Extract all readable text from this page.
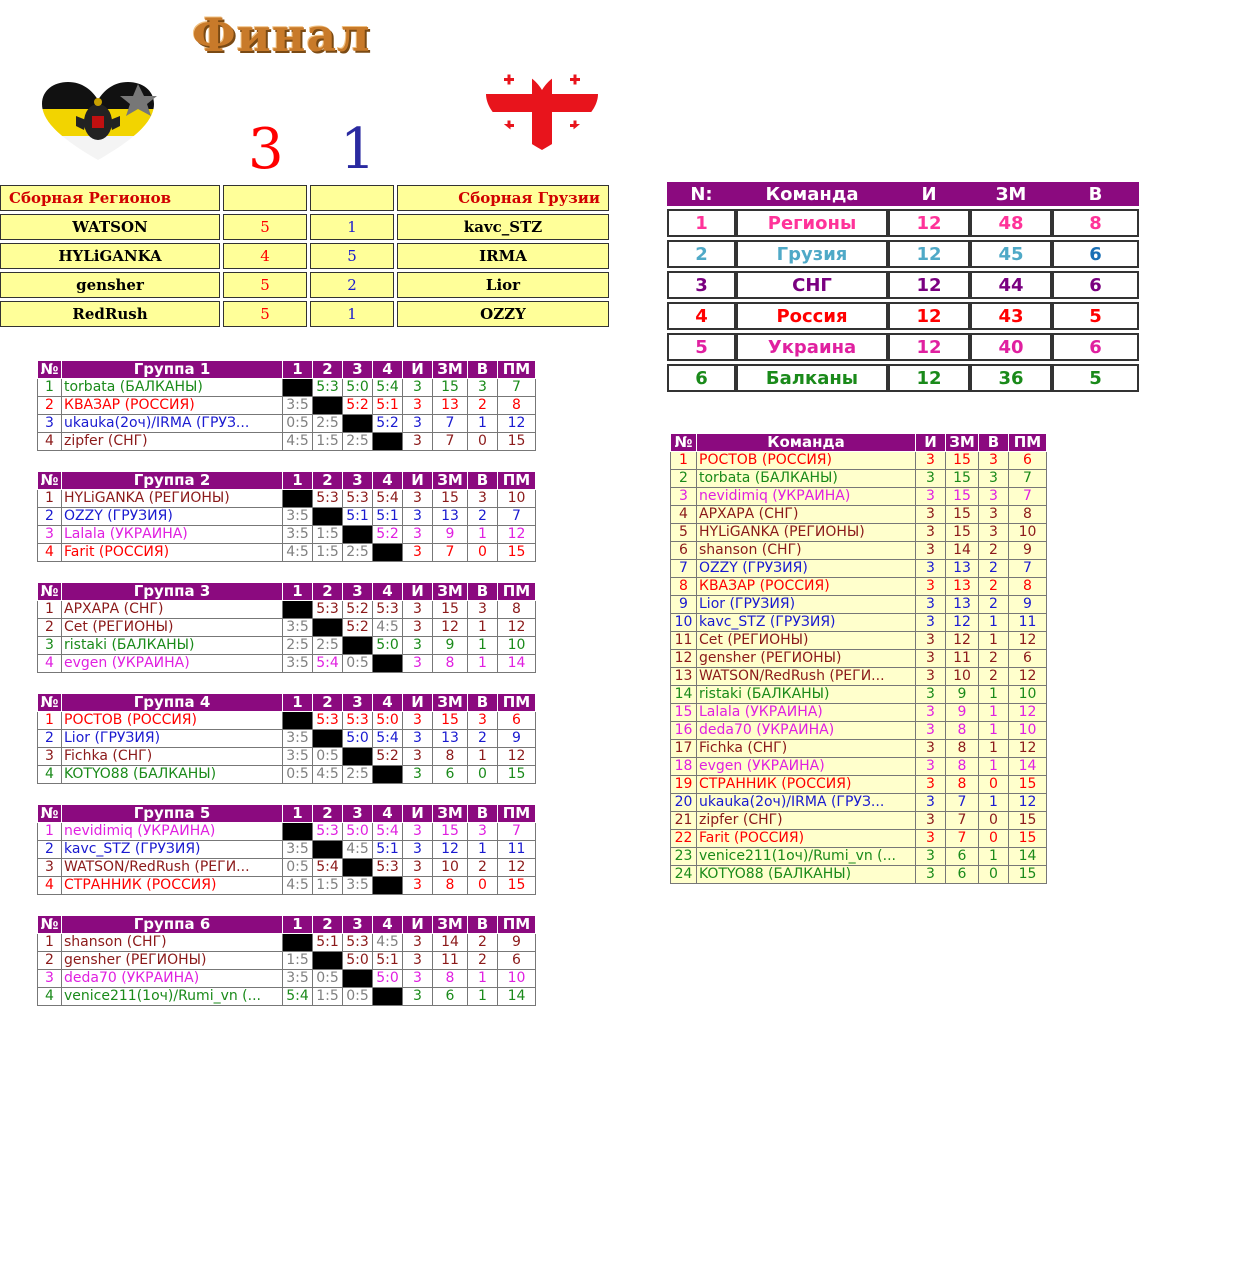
Финал
3 1
Сборная Регионов			Сборная Грузии
WATSON	5	1	kavc_STZ
HYLiGANKA	4	5	IRMA
gensher	5	2	Lior
RedRush	5	1	OZZY
N:	Команда	И	ЗМ	В
1	Регионы	12	48	8
2	Грузия	12	45	6
3	СНГ	12	44	6
4	Россия	12	43	5
5	Украина	12	40	6
6	Балканы	12	36	5
№	Группа 1	1	2	3	4	И	ЗМ	В	ПМ
1	torbata (БАЛКАНЫ)		5:3	5:0	5:4	3	15	3	7
2	КВАЗАР (РОССИЯ)	3:5		5:2	5:1	3	13	2	8
3	ukauka(2оч)/IRMA (ГРУЗ...	0:5	2:5		5:2	3	7	1	12
4	zipfer (СНГ)	4:5	1:5	2:5		3	7	0	15
№	Группа 2	1	2	3	4	И	ЗМ	В	ПМ
1	HYLiGANKA (РЕГИОНЫ)		5:3	5:3	5:4	3	15	3	10
2	OZZY (ГРУЗИЯ)	3:5		5:1	5:1	3	13	2	7
3	Lalala (УКРАИНА)	3:5	1:5		5:2	3	9	1	12
4	Farit (РОССИЯ)	4:5	1:5	2:5		3	7	0	15
№	Группа 3	1	2	3	4	И	ЗМ	В	ПМ
1	АРХАРА (СНГ)		5:3	5:2	5:3	3	15	3	8
2	Cet (РЕГИОНЫ)	3:5		5:2	4:5	3	12	1	12
3	ristaki (БАЛКАНЫ)	2:5	2:5		5:0	3	9	1	10
4	evgen (УКРАИНА)	3:5	5:4	0:5		3	8	1	14
№	Группа 4	1	2	3	4	И	ЗМ	В	ПМ
1	РОСТОВ (РОССИЯ)		5:3	5:3	5:0	3	15	3	6
2	Lior (ГРУЗИЯ)	3:5		5:0	5:4	3	13	2	9
3	Fichka (СНГ)	3:5	0:5		5:2	3	8	1	12
4	KOTYO88 (БАЛКАНЫ)	0:5	4:5	2:5		3	6	0	15
№	Группа 5	1	2	3	4	И	ЗМ	В	ПМ
1	nevidimiq (УКРАИНА)		5:3	5:0	5:4	3	15	3	7
2	kavc_STZ (ГРУЗИЯ)	3:5		4:5	5:1	3	12	1	11
3	WATSON/RedRush (РЕГИ...	0:5	5:4		5:3	3	10	2	12
4	СТРАННИК (РОССИЯ)	4:5	1:5	3:5		3	8	0	15
№	Группа 6	1	2	3	4	И	ЗМ	В	ПМ
1	shanson (СНГ)		5:1	5:3	4:5	3	14	2	9
2	gensher (РЕГИОНЫ)	1:5		5:0	5:1	3	11	2	6
3	deda70 (УКРАИНА)	3:5	0:5		5:0	3	8	1	10
4	venice211(1оч)/Rumi_vn (...	5:4	1:5	0:5		3	6	1	14
№	Команда	И	ЗМ	В	ПМ
1	РОСТОВ (РОССИЯ)	3	15	3	6
2	torbata (БАЛКАНЫ)	3	15	3	7
3	nevidimiq (УКРАИНА)	3	15	3	7
4	АРХАРА (СНГ)	3	15	3	8
5	HYLiGANKA (РЕГИОНЫ)	3	15	3	10
6	shanson (СНГ)	3	14	2	9
7	OZZY (ГРУЗИЯ)	3	13	2	7
8	КВАЗАР (РОССИЯ)	3	13	2	8
9	Lior (ГРУЗИЯ)	3	13	2	9
10	kavc_STZ (ГРУЗИЯ)	3	12	1	11
11	Cet (РЕГИОНЫ)	3	12	1	12
12	gensher (РЕГИОНЫ)	3	11	2	6
13	WATSON/RedRush (РЕГИ...	3	10	2	12
14	ristaki (БАЛКАНЫ)	3	9	1	10
15	Lalala (УКРАИНА)	3	9	1	12
16	deda70 (УКРАИНА)	3	8	1	10
17	Fichka (СНГ)	3	8	1	12
18	evgen (УКРАИНА)	3	8	1	14
19	СТРАННИК (РОССИЯ)	3	8	0	15
20	ukauka(2оч)/IRMA (ГРУЗ...	3	7	1	12
21	zipfer (СНГ)	3	7	0	15
22	Farit (РОССИЯ)	3	7	0	15
23	venice211(1оч)/Rumi_vn (...	3	6	1	14
24	KOTYO88 (БАЛКАНЫ)	3	6	0	15
